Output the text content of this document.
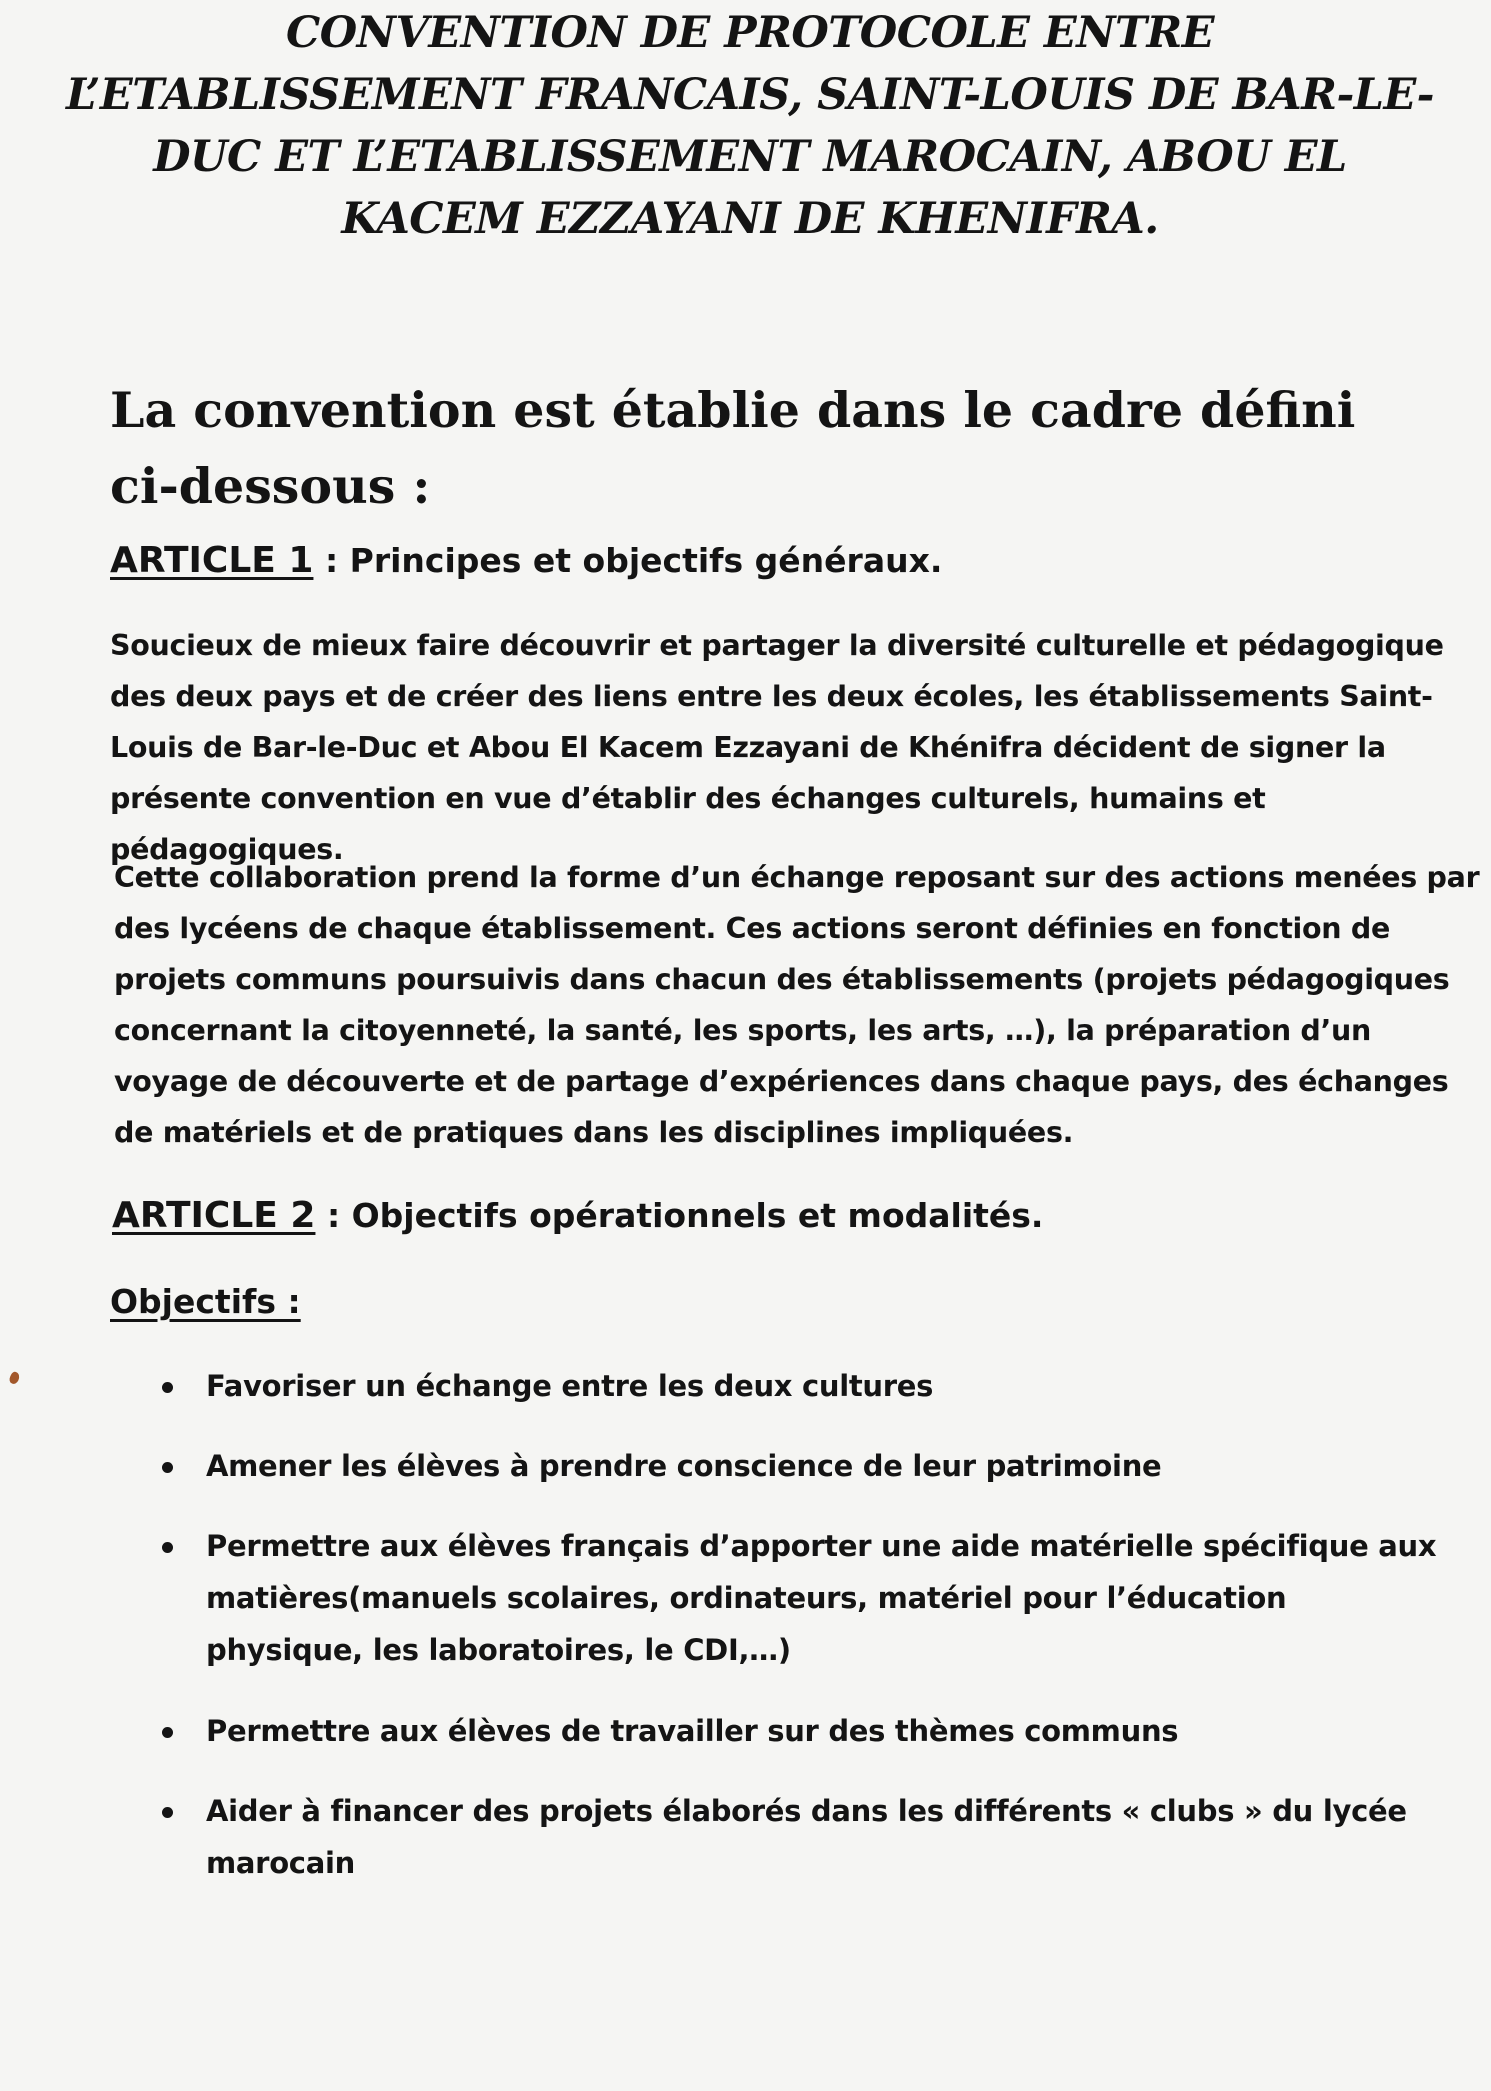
CONVENTION DE PROTOCOLE ENTRE L’ETABLISSEMENT FRANCAIS, SAINT-LOUIS DE BAR-LE-DUC ET L’ETABLISSEMENT MAROCAIN, ABOU EL KACEM EZZAYANI DE KHENIFRA.

La convention est établie dans le cadre défini ci-dessous :

ARTICLE 1 : Principes et objectifs généraux.

Soucieux de mieux faire découvrir et partager la diversité culturelle et pédagogique des deux pays et de créer des liens entre les deux écoles, les établissements Saint-Louis de Bar-le-Duc et Abou El Kacem Ezzayani de Khénifra décident de signer la présente convention en vue d’établir des échanges culturels, humains et pédagogiques.

Cette collaboration prend la forme d’un échange reposant sur des actions menées par des lycéens de chaque établissement. Ces actions seront définies en fonction de projets communs poursuivis dans chacun des établissements (projets pédagogiques concernant la citoyenneté, la santé, les sports, les arts, …), la préparation d’un voyage de découverte et de partage d’expériences dans chaque pays, des échanges de matériels et de pratiques dans les disciplines impliquées.

ARTICLE 2 : Objectifs opérationnels et modalités.

Objectifs :

Favoriser un échange entre les deux cultures
Amener les élèves à prendre conscience de leur patrimoine
Permettre aux élèves français d’apporter une aide matérielle spécifique aux matières(manuels scolaires, ordinateurs, matériel pour l’éducation physique, les laboratoires, le CDI,…)
Permettre aux élèves de travailler sur des thèmes communs
Aider à financer des projets élaborés dans les différents « clubs » du lycée marocain
